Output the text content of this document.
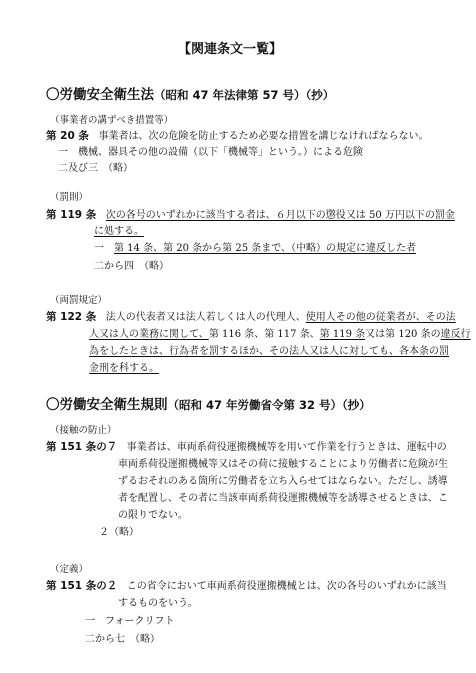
【関連条文一覧】
〇労働安全衛生法（昭和 47 年法律第 57 号）（抄）
（事業者の講ずべき措置等）
第 20 条 事業者は、次の危険を防止するため必要な措置を講じなければならない。
一　機械、器具その他の設備（以下「機械等」という。）による危険
二及び三　（略）
（罰則）
第 119 条 次の各号のいずれかに該当する者は、６月以下の懲役又は 50 万円以下の罰金
に処する。
一　第 14 条、第 20 条から第 25 条まで、（中略）の規定に違反した者
二から四　（略）
（両罰規定）
第 122 条 法人の代表者又は法人若しくは人の代理人、使用人その他の従業者が、その法
人又は人の業務に関して、第 116 条、第 117 条、第 119 条又は第 120 条の違反行
為をしたときは、行為者を罰するほか、その法人又は人に対しても、各本条の罰
金刑を科する。
〇労働安全衛生規則（昭和 47 年労働省令第 32 号）（抄）
（接触の防止）
第 151 条の７ 事業者は、車両系荷役運搬機械等を用いて作業を行うときは、運転中の
車両系荷役運搬機械等又はその荷に接触することにより労働者に危険が生
ずるおそれのある箇所に労働者を立ち入らせてはならない。ただし、誘導
者を配置し、その者に当該車両系荷役運搬機械等を誘導させるときは、こ
の限りでない。
２（略）
（定義）
第 151 条の２ この省令において車両系荷役運搬機械とは、次の各号のいずれかに該当
するものをいう。
一　フォークリフト
二から七　（略）
